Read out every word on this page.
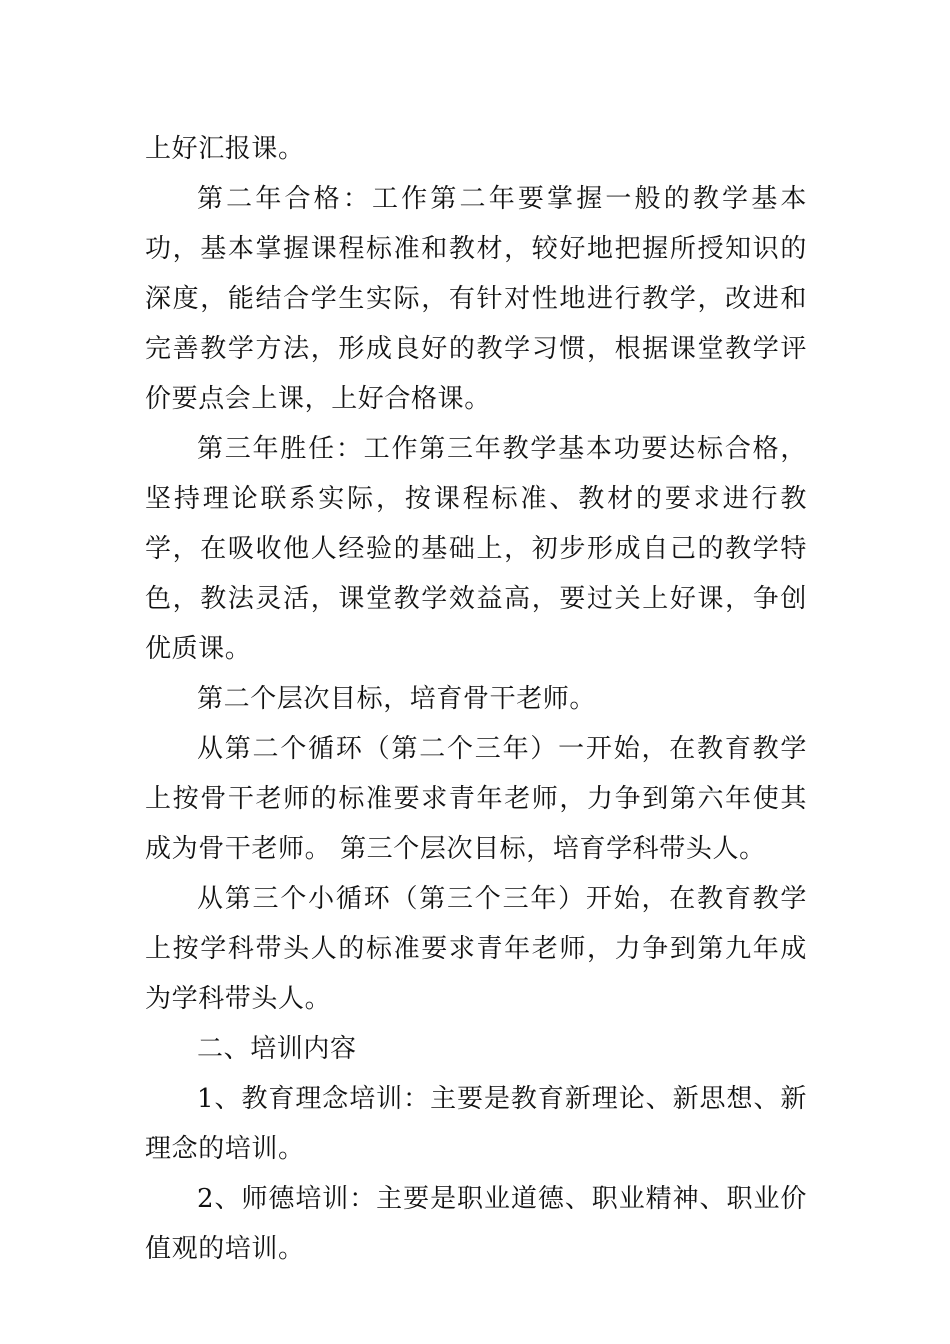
上好汇报课。

第二年合格：工作第二年要掌握一般的教学基本功，基本掌握课程标准和教材，较好地把握所授知识的深度，能结合学生实际，有针对性地进行教学，改进和完善教学方法，形成良好的教学习惯，根据课堂教学评价要点会上课，上好合格课。

第三年胜任：工作第三年教学基本功要达标合格，坚持理论联系实际，按课程标准、教材的要求进行教学，在吸收他人经验的基础上，初步形成自己的教学特色，教法灵活，课堂教学效益高，要过关上好课，争创优质课。

第二个层次目标，培育骨干老师。

从第二个循环（第二个三年）一开始，在教育教学上按骨干老师的标准要求青年老师，力争到第六年使其成为骨干老师。 第三个层次目标，培育学科带头人。

从第三个小循环（第三个三年）开始，在教育教学上按学科带头人的标准要求青年老师，力争到第九年成为学科带头人。

二、培训内容

1、教育理念培训：主要是教育新理论、新思想、新理念的培训。

2、师德培训：主要是职业道德、职业精神、职业价值观的培训。
